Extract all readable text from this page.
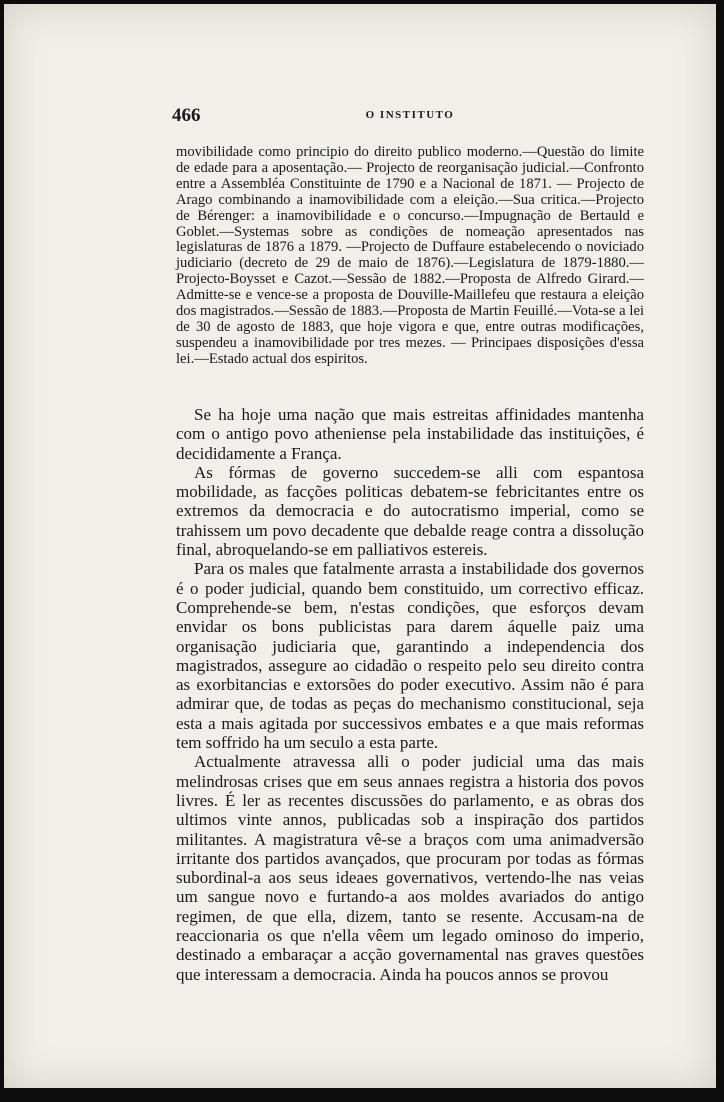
466	O INSTITUTO

movibilidade como principio do direito publico moderno.—Questão do limite de edade para a aposentação.— Projecto de reorganisação judicial.—Confronto entre a Assembléa Constituinte de 1790 e a Nacional de 1871. — Projecto de Arago combinando a inamovibilidade com a eleição.—Sua critica.—Projecto de Bérenger: a inamovibilidade e o concurso.—Impugnação de Bertauld e Goblet.—Systemas sobre as condições de nomeação apresentados nas legislaturas de 1876 a 1879. —Projecto de Duffaure estabelecendo o noviciado judiciario (decreto de 29 de maio de 1876).—Legislatura de 1879-1880.—Projecto-Boysset e Cazot.—Sessão de 1882.—Proposta de Alfredo Girard.—Admitte-se e vence-se a proposta de Douville-Maillefeu que restaura a eleição dos magistrados.—Sessão de 1883.—Proposta de Martin Feuillé.—Vota-se a lei de 30 de agosto de 1883, que hoje vigora e que, entre outras modificações, suspendeu a inamovibilidade por tres mezes. — Principaes disposições d'essa lei.—Estado actual dos espiritos.

Se ha hoje uma nação que mais estreitas affinidades mantenha com o antigo povo atheniense pela instabilidade das instituições, é decididamente a França.

As fórmas de governo succedem-se alli com espantosa mobilidade, as facções politicas debatem-se febricitantes entre os extremos da democracia e do autocratismo imperial, como se trahissem um povo decadente que debalde reage contra a dissolução final, abroquelando-se em palliativos estereis.

Para os males que fatalmente arrasta a instabilidade dos governos é o poder judicial, quando bem constituido, um correctivo efficaz. Comprehende-se bem, n'estas condições, que esforços devam envidar os bons publicistas para darem áquelle paiz uma organisação judiciaria que, garantindo a independencia dos magistrados, assegure ao cidadão o respeito pelo seu direito contra as exorbitancias e extorsões do poder executivo. Assim não é para admirar que, de todas as peças do mechanismo constitucional, seja esta a mais agitada por successivos embates e a que mais reformas tem soffrido ha um seculo a esta parte.

Actualmente atravessa alli o poder judicial uma das mais melindrosas crises que em seus annaes registra a historia dos povos livres. É ler as recentes discussões do parlamento, e as obras dos ultimos vinte annos, publicadas sob a inspiração dos partidos militantes. A magistratura vê-se a braços com uma animadversão irritante dos partidos avançados, que procuram por todas as fórmas subordinal-a aos seus ideaes governativos, vertendo-lhe nas veias um sangue novo e furtando-a aos moldes avariados do antigo regimen, de que ella, dizem, tanto se resente. Accusam-na de reaccionaria os que n'ella vêem um legado ominoso do imperio, destinado a embaraçar a acção governamental nas graves questões que interessam a democracia. Ainda ha poucos annos se provou
